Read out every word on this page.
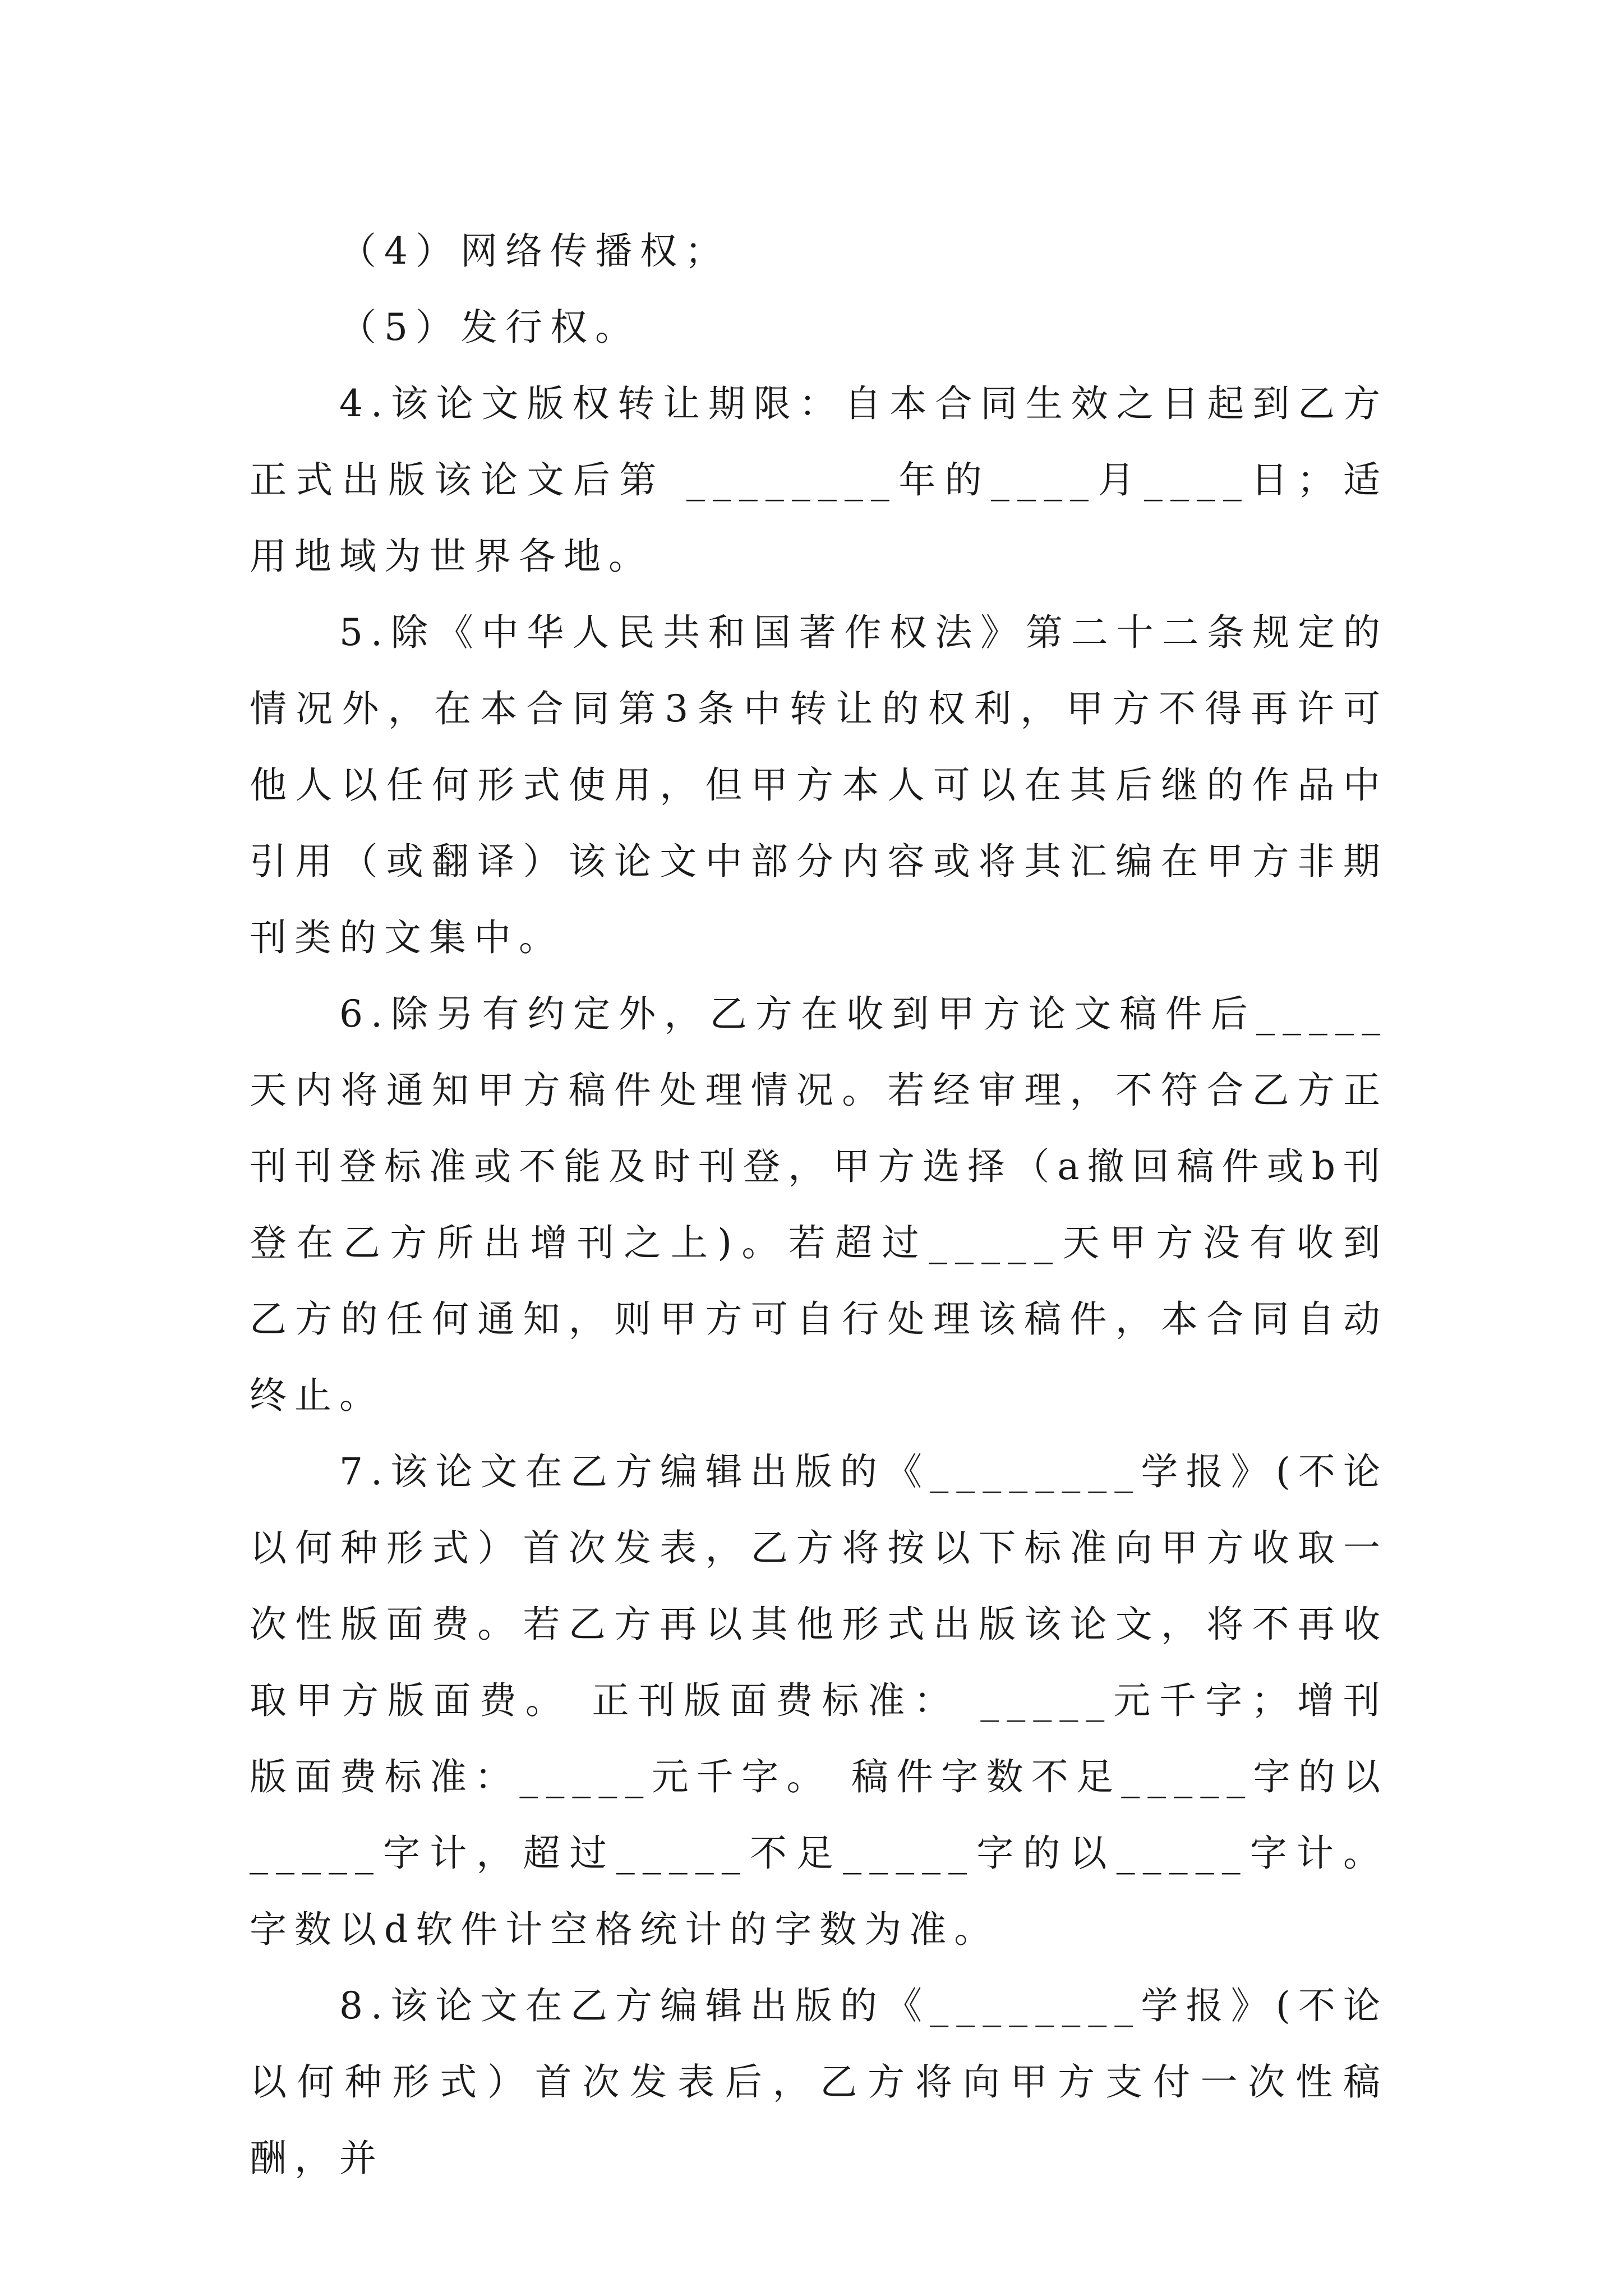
（4）网络传播权；

（5）发行权。

4.该论文版权转让期限：自本合同生效之日起到乙方正式出版该论文后第 ________年的____月____日；适用地域为世界各地。

5.除《中华人民共和国著作权法》第二十二条规定的情况外，在本合同第3条中转让的权利，甲方不得再许可他人以任何形式使用，但甲方本人可以在其后继的作品中引用（或翻译）该论文中部分内容或将其汇编在甲方非期刊类的文集中。

6.除另有约定外，乙方在收到甲方论文稿件后_____天内将通知甲方稿件处理情况。若经审理，不符合乙方正刊刊登标准或不能及时刊登，甲方选择（a撤回稿件或b刊登在乙方所出增刊之上)。若超过_____天甲方没有收到乙方的任何通知，则甲方可自行处理该稿件，本合同自动终止。

7.该论文在乙方编辑出版的《________学报》(不论以何种形式）首次发表，乙方将按以下标准向甲方收取一次性版面费。若乙方再以其他形式出版该论文，将不再收取甲方版面费。 正刊版面费标准： _____元千字；增刊版面费标准：_____元千字。 稿件字数不足_____字的以_____字计，超过_____不足_____字的以_____字计。字数以d软件计空格统计的字数为准。

8.该论文在乙方编辑出版的《________学报》(不论以何种形式）首次发表后，乙方将向甲方支付一次性稿酬，并
